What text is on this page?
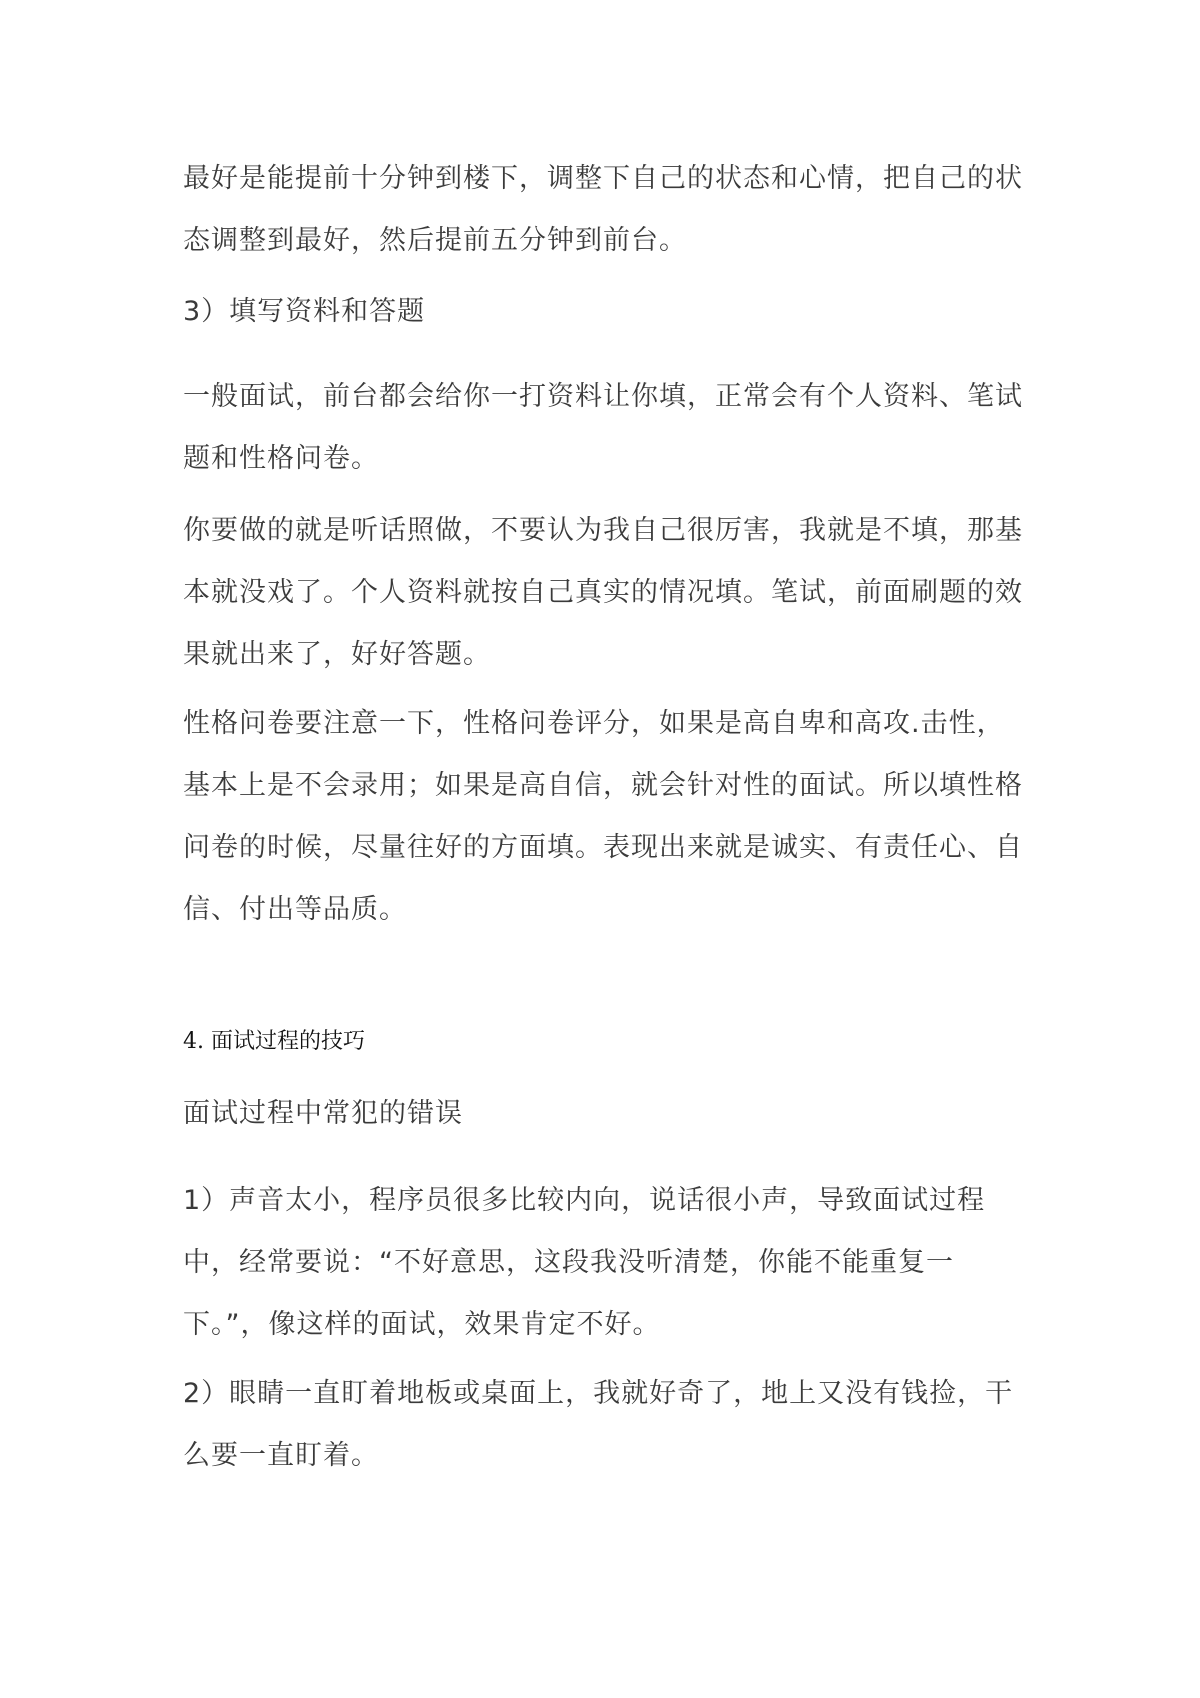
最好是能提前十分钟到楼下，调整下自己的状态和心情，把自己的状态调整到最好，然后提前五分钟到前台。

3）填写资料和答题

一般面试，前台都会给你一打资料让你填，正常会有个人资料、笔试题和性格问卷。

你要做的就是听话照做，不要认为我自己很厉害，我就是不填，那基本就没戏了。个人资料就按自己真实的情况填。笔试，前面刷题的效果就出来了，好好答题。

性格问卷要注意一下，性格问卷评分，如果是高自卑和高攻.击性，基本上是不会录用；如果是高自信，就会针对性的面试。所以填性格问卷的时候，尽量往好的方面填。表现出来就是诚实、有责任心、自信、付出等品质。

4. 面试过程的技巧

面试过程中常犯的错误

1）声音太小，程序员很多比较内向，说话很小声，导致面试过程中，经常要说：“不好意思，这段我没听清楚，你能不能重复一下。”，像这样的面试，效果肯定不好。

2）眼睛一直盯着地板或桌面上，我就好奇了，地上又没有钱捡，干么要一直盯着。
